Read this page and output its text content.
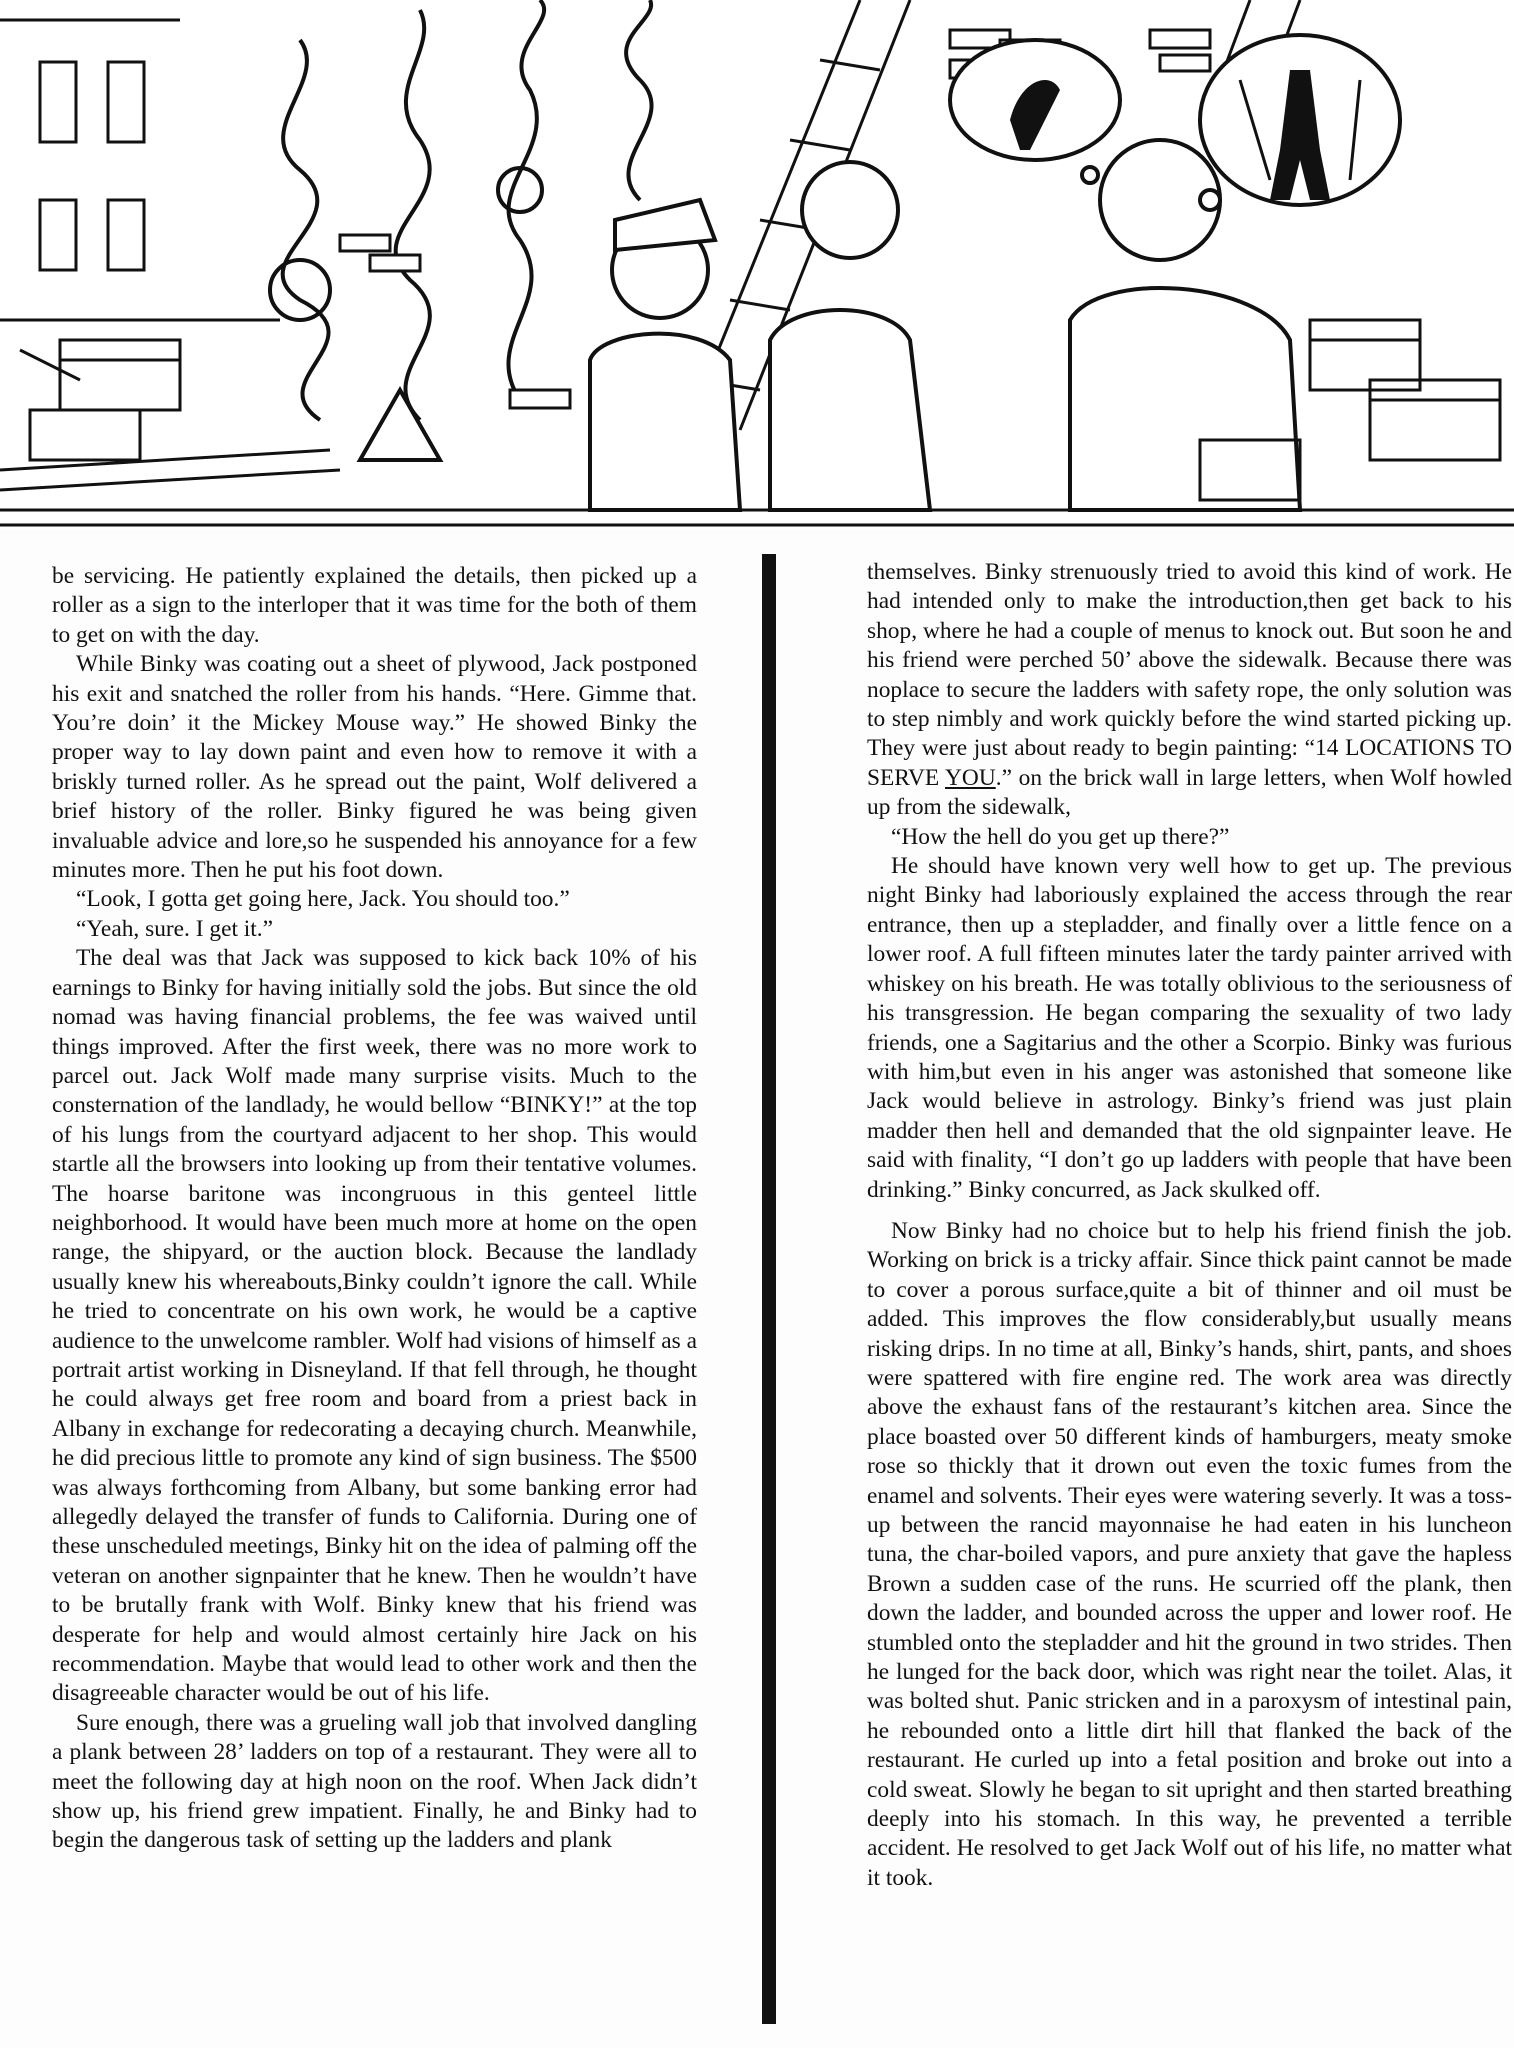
be servicing. He patiently explained the details, then picked up a roller as a sign to the interloper that it was time for the both of them to get on with the day.

While Binky was coating out a sheet of plywood, Jack postponed his exit and snatched the roller from his hands. “Here. Gimme that. You’re doin’ it the Mickey Mouse way.” He showed Binky the proper way to lay down paint and even how to remove it with a briskly turned roller. As he spread out the paint, Wolf delivered a brief history of the roller. Binky figured he was being given invaluable advice and lore,so he suspended his annoyance for a few minutes more. Then he put his foot down.

“Look, I gotta get going here, Jack. You should too.”

“Yeah, sure. I get it.”

The deal was that Jack was supposed to kick back 10% of his earnings to Binky for having initially sold the jobs. But since the old nomad was having financial problems, the fee was waived until things improved. After the first week, there was no more work to parcel out. Jack Wolf made many surprise visits. Much to the consternation of the landlady, he would bellow “BINKY!” at the top of his lungs from the courtyard adjacent to her shop. This would startle all the browsers into looking up from their tentative volumes. The hoarse baritone was incongruous in this genteel little neighborhood. It would have been much more at home on the open range, the shipyard, or the auction block. Because the landlady usually knew his whereabouts,Binky couldn’t ignore the call. While he tried to concentrate on his own work, he would be a captive audience to the unwelcome rambler. Wolf had visions of himself as a portrait artist working in Disneyland. If that fell through, he thought he could always get free room and board from a priest back in Albany in exchange for redecorating a decaying church. Meanwhile, he did precious little to promote any kind of sign business. The $500 was always forthcoming from Albany, but some banking error had allegedly delayed the transfer of funds to California. During one of these unscheduled meetings, Binky hit on the idea of palming off the veteran on another signpainter that he knew. Then he wouldn’t have to be brutally frank with Wolf. Binky knew that his friend was desperate for help and would almost certainly hire Jack on his recommendation. Maybe that would lead to other work and then the disagreeable character would be out of his life.

Sure enough, there was a grueling wall job that involved dangling a plank between 28’ ladders on top of a restaurant. They were all to meet the following day at high noon on the roof. When Jack didn’t show up, his friend grew impatient. Finally, he and Binky had to begin the dangerous task of setting up the ladders and plank

themselves. Binky strenuously tried to avoid this kind of work. He had intended only to make the introduction,then get back to his shop, where he had a couple of menus to knock out. But soon he and his friend were perched 50’ above the sidewalk. Because there was noplace to secure the ladders with safety rope, the only solution was to step nimbly and work quickly before the wind started picking up. They were just about ready to begin painting: “14 LOCATIONS TO SERVE YOU.” on the brick wall in large letters, when Wolf howled up from the sidewalk,

“How the hell do you get up there?”

He should have known very well how to get up. The previous night Binky had laboriously explained the access through the rear entrance, then up a stepladder, and finally over a little fence on a lower roof. A full fifteen minutes later the tardy painter arrived with whiskey on his breath. He was totally oblivious to the seriousness of his transgression. He began comparing the sexuality of two lady friends, one a Sagitarius and the other a Scorpio. Binky was furious with him,but even in his anger was astonished that someone like Jack would believe in astrology. Binky’s friend was just plain madder then hell and demanded that the old signpainter leave. He said with finality, “I don’t go up ladders with people that have been drinking.” Binky concurred, as Jack skulked off.

Now Binky had no choice but to help his friend finish the job. Working on brick is a tricky affair. Since thick paint cannot be made to cover a porous surface,quite a bit of thinner and oil must be added. This improves the flow considerably,but usually means risking drips. In no time at all, Binky’s hands, shirt, pants, and shoes were spattered with fire engine red. The work area was directly above the exhaust fans of the restaurant’s kitchen area. Since the place boasted over 50 different kinds of hamburgers, meaty smoke rose so thickly that it drown out even the toxic fumes from the enamel and solvents. Their eyes were watering severly. It was a toss-up between the rancid mayonnaise he had eaten in his luncheon tuna, the char-boiled vapors, and pure anxiety that gave the hapless Brown a sudden case of the runs. He scurried off the plank, then down the ladder, and bounded across the upper and lower roof. He stumbled onto the stepladder and hit the ground in two strides. Then he lunged for the back door, which was right near the toilet. Alas, it was bolted shut. Panic stricken and in a paroxysm of intestinal pain, he rebounded onto a little dirt hill that flanked the back of the restaurant. He curled up into a fetal position and broke out into a cold sweat. Slowly he began to sit upright and then started breathing deeply into his stomach. In this way, he prevented a terrible accident. He resolved to get Jack Wolf out of his life, no matter what it took.
